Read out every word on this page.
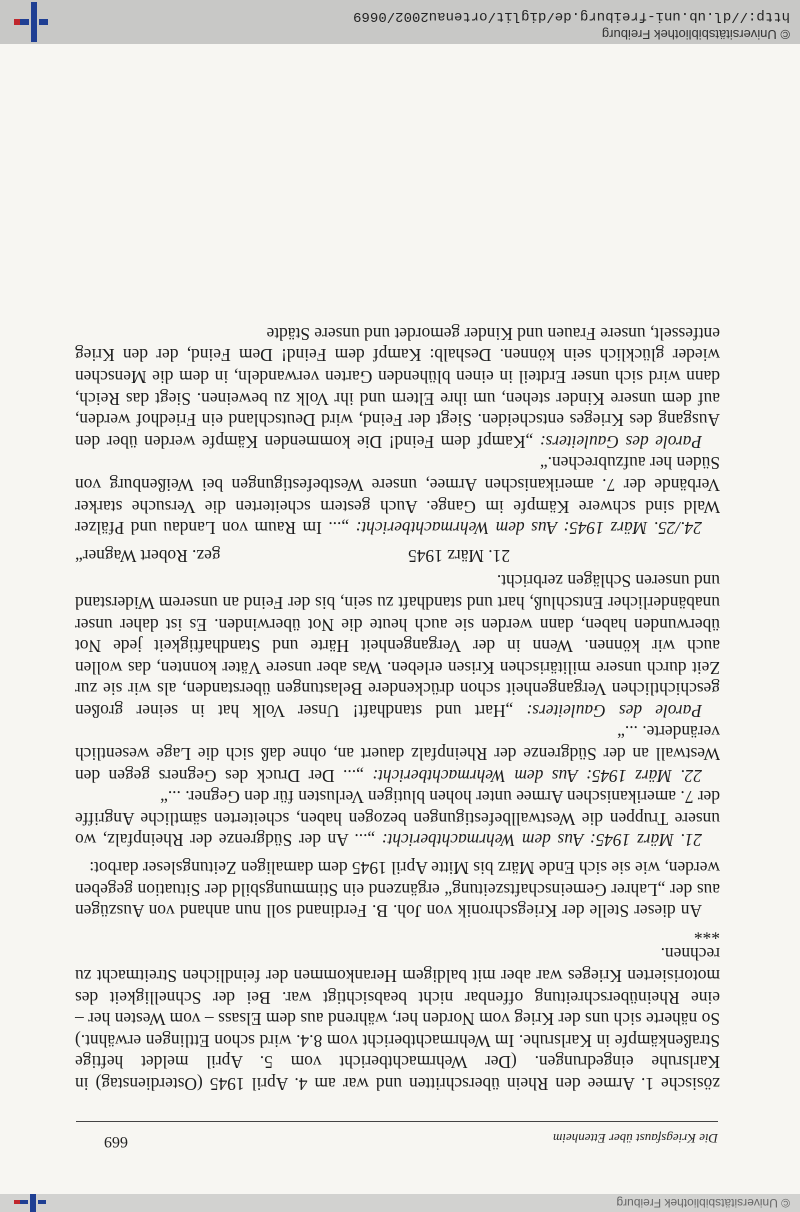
© Universitätsbibliothek Freiburg
Die Kriegsfaust über Ettenheim
669

zösische 1. Armee den Rhein überschritten und war am 4. April 1945 (Osterdienstag) in Karlsruhe eingedrungen. (Der Wehrmachtbericht vom 5. April meldet heftige Straßenkämpfe in Karlsruhe. Im Wehrmachtbericht vom 8.4. wird schon Ettlingen erwähnt.) So näherte sich uns der Krieg vom Norden her, während aus dem Elsass – vom Westen her – eine Rheinüberschreitung offenbar nicht beabsichtigt war. Bei der Schnelligkeit des motorisierten Krieges war aber mit baldigem Herankommen der feindlichen Streitmacht zu rechnen.

***

An dieser Stelle der Kriegschronik von Joh. B. Ferdinand soll nun anhand von Auszügen aus der „Lahrer Gemeinschaftszeitung“ ergänzend ein Stimmungsbild der Situation gegeben werden, wie sie sich Ende März bis Mitte April 1945 dem damaligen Zeitungsleser darbot:

21. März 1945: Aus dem Wehrmachtbericht: „... An der Südgrenze der Rheinpfalz, wo unsere Truppen die Westwallbefestigungen bezogen haben, scheiterten sämtliche Angriffe der 7. amerikanischen Armee unter hohen blutigen Verlusten für den Gegner. ...“

22. März 1945: Aus dem Wehrmachtbericht: „... Der Druck des Gegners gegen den Westwall an der Südgrenze der Rheinpfalz dauert an, ohne daß sich die Lage wesentlich veränderte. ...“

Parole des Gauleiters: „Hart und standhaft! Unser Volk hat in seiner großen geschichtlichen Vergangenheit schon drückendere Belastungen überstanden, als wir sie zur Zeit durch unsere militärischen Krisen erleben. Was aber unsere Väter konnten, das wollen auch wir können. Wenn in der Vergangenheit Härte und Standhaftigkeit jede Not überwunden haben, dann werden sie auch heute die Not überwinden. Es ist daher unser unabänderlicher Entschluß, hart und standhaft zu sein, bis der Feind an unserem Widerstand und unseren Schlägen zerbricht.

21. März 1945
gez. Robert Wagner“

24./25. März 1945: Aus dem Wehrmachtbericht: „... Im Raum von Landau und Pfälzer Wald sind schwere Kämpfe im Gange. Auch gestern scheiterten die Versuche starker Verbände der 7. amerikanischen Armee, unsere Westbefestigungen bei Weißenburg von Süden her aufzubrechen.“

Parole des Gauleiters: „Kampf dem Feind! Die kommenden Kämpfe werden über den Ausgang des Krieges entscheiden. Siegt der Feind, wird Deutschland ein Friedhof werden, auf dem unsere Kinder stehen, um ihre Eltern und ihr Volk zu beweinen. Siegt das Reich, dann wird sich unser Erdteil in einen blühenden Garten verwandeln, in dem die Menschen wieder glücklich sein können. Deshalb: Kampf dem Feind! Dem Feind, der den Krieg entfesselt, unsere Frauen und Kinder gemordet und unsere Städte

© Universitätsbibliothek Freiburg
http://dl.ub.uni-freiburg.de/diglit/ortenau2002/0669
